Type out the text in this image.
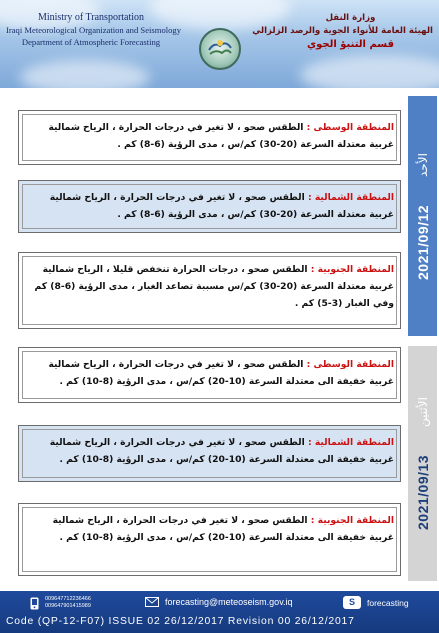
Ministry of Transportation
Iraqi Meteorological Organization and Seismology
Department of Atmospheric Forecasting
وزارة النقل
الهيئة العامة للأنواء الجوية والرصد الزلزالي
قسم التنبؤ الجوي
2021/09/12
الأحد

المنطقة الوسطى : الطقس صحو ، لا تغير في درجات الحرارة ، الرياح شمالية غربية معتدلة السرعة (20-30) كم/س ، مدى الرؤية (6-8) كم .

المنطقة الشمالية : الطقس صحو ، لا تغير في درجات الحرارة ، الرياح شمالية غربية معتدلة السرعة (20-30) كم/س ، مدى الرؤية (6-8) كم .

المنطقة الجنوبية : الطقس صحو ، درجات الحرارة تنخفض قليلا ، الرياح شمالية غربية معتدلة السرعة (20-30) كم/س مسببة تصاعد الغبار ، مدى الرؤية (6-8) كم وفي الغبار (3-5) كم .

2021/09/13
الأثنين

المنطقة الوسطى : الطقس صحو ، لا تغير في درجات الحرارة ، الرياح شمالية غربية خفيفة الى معتدلة السرعة (10-20) كم/س ، مدى الرؤية (8-10) كم .

المنطقة الشمالية : الطقس صحو ، لا تغير في درجات الحرارة ، الرياح شمالية غربية خفيفة الى معتدلة السرعة (10-20) كم/س ، مدى الرؤية (8-10) كم .

المنطقة الجنوبية : الطقس صحو ، لا تغير في درجات الحرارة ، الرياح شمالية غربية خفيفة الى معتدلة السرعة (10-20) كم/س ، مدى الرؤية (8-10) كم .

009647712236466
009647901415989	forecasting@meteoseism.gov.iq	S	forecasting
Code (QP-12-F07) ISSUE 02 26/12/2017 Revision 00 26/12/2017
